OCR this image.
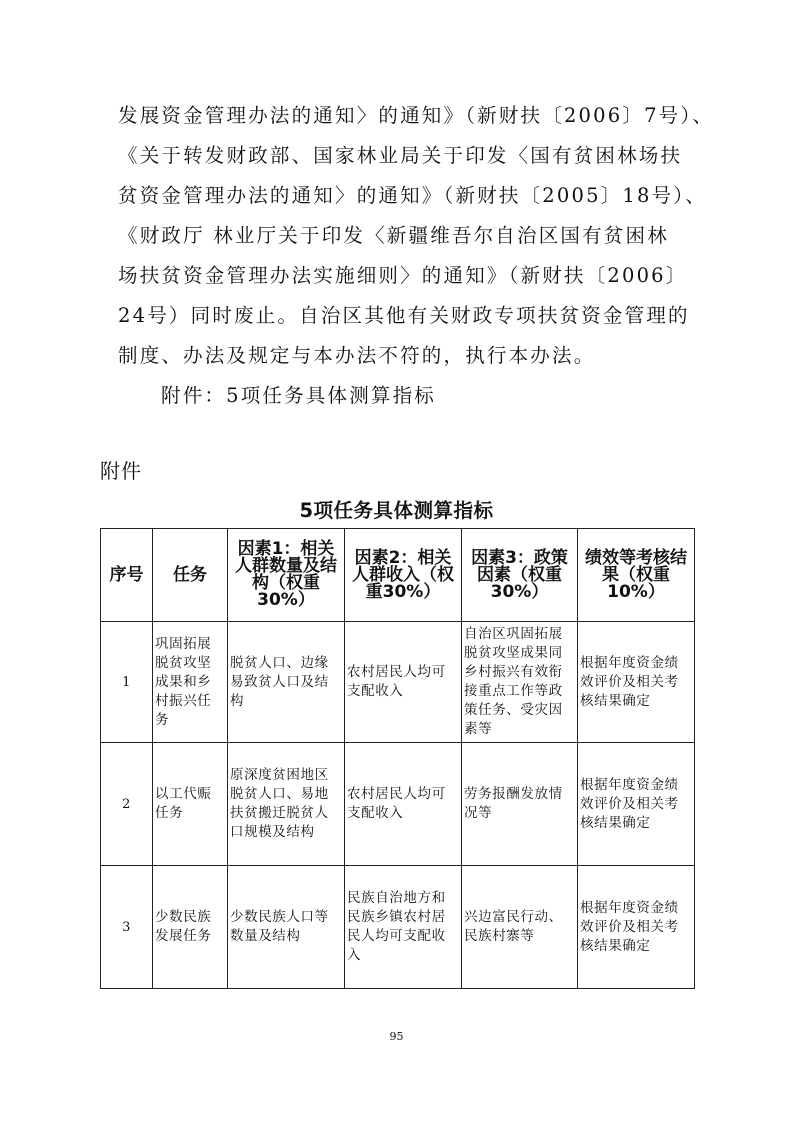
发展资金管理办法的通知〉的通知》（新财扶〔2006〕7号）、
《关于转发财政部、国家林业局关于印发〈国有贫困林场扶
贫资金管理办法的通知〉的通知》（新财扶〔2005〕18号）、
《财政厅 林业厅关于印发〈新疆维吾尔自治区国有贫困林
场扶贫资金管理办法实施细则〉的通知》（新财扶〔2006〕
24号）同时废止。自治区其他有关财政专项扶贫资金管理的
制度、办法及规定与本办法不符的，执行本办法。
附件：5项任务具体测算指标
附件
5项任务具体测算指标
序号	任务	因素1：相关人群数量及结构（权重30%）	因素2：相关人群收入（权重30%）	因素3：政策因素（权重30%）	绩效等考核结果（权重10%）
1	巩固拓展脱贫攻坚成果和乡村振兴任务	脱贫人口、边缘易致贫人口及结构	农村居民人均可支配收入	自治区巩固拓展脱贫攻坚成果同乡村振兴有效衔接重点工作等政策任务、受灾因素等	根据年度资金绩效评价及相关考核结果确定
2	以工代赈任务	原深度贫困地区脱贫人口、易地扶贫搬迁脱贫人口规模及结构	农村居民人均可支配收入	劳务报酬发放情况等	根据年度资金绩效评价及相关考核结果确定
3	少数民族发展任务	少数民族人口等数量及结构	民族自治地方和民族乡镇农村居民人均可支配收入	兴边富民行动、民族村寨等	根据年度资金绩效评价及相关考核结果确定
95
